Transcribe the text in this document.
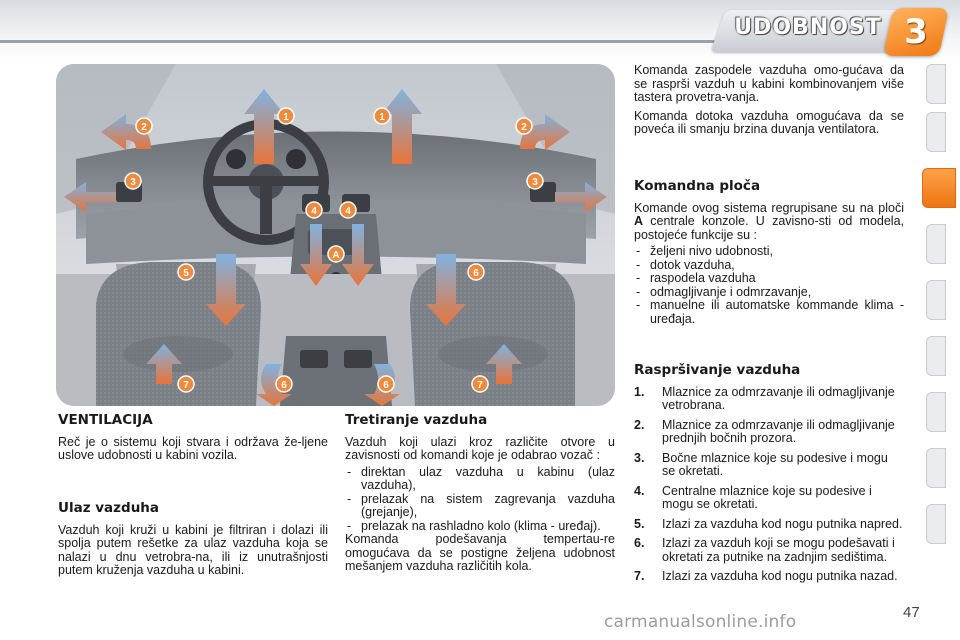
UDOBNOST 3
1	1
2	2
3	3
4	4
5	6
6	6
7	7
A
VENTILACIJA

Reč je o sistemu koji stvara i održava že-ljene uslove udobnosti u kabini vozila.

Ulaz vazduha

Vazduh koji kruži u kabini je filtriran i dolazi ili spolja putem rešetke za ulaz vazduha koja se nalazi u dnu vetrobra-na, ili iz unutrašnjosti putem kruženja vazduha u kabini.

Tretiranje vazduha

Vazduh koji ulazi kroz različite otvore u zavisnosti od komandi koje je odabrao vozač :

- direktan ulaz vazduha u kabinu (ulaz vazduha),
- prelazak na sistem zagrevanja vazduha (grejanje),
- prelazak na rashladno kolo (klima - uređaj).

Komanda podešavanja tempertau-re omogućava da se postigne željena udobnost mešanjem vazduha različitih kola.

Komanda zaspodele vazduha omo-gućava da se rasprši vazduh u kabini kombinovanjem više tastera provetra-vanja.

Komanda dotoka vazduha omogućava da se poveća ili smanju brzina duvanja ventilatora.

Komandna ploča

Komande ovog sistema regrupisane su na ploči A centrale konzole. U zavisno-sti od modela, postojeće funkcije su :

- željeni nivo udobnosti,
- dotok vazduha,
- raspodela vazduha
- odmagljivanje i odmrzavanje,
- manuelne ili automatske kommande klima - uređaja.
Raspršivanje vazduha
1. Mlaznice za odmrzavanje ili odmagljivanje vetrobrana.
2. Mlaznice za odmrzavanje ili odmagljivanje prednjih bočnih prozora.
3. Bočne mlaznice koje su podesive i mogu se okretati.
4. Centralne mlaznice koje su podesive i mogu se okretati.
5. Izlazi za vazduha kod nogu putnika napred.
6. Izlazi za vazduh koji se mogu podešavati i okretati za putnike na zadnjim sedištima.
7. Izlazi za vazduha kod nogu putnika nazad.
47
carmanualsonline.info
